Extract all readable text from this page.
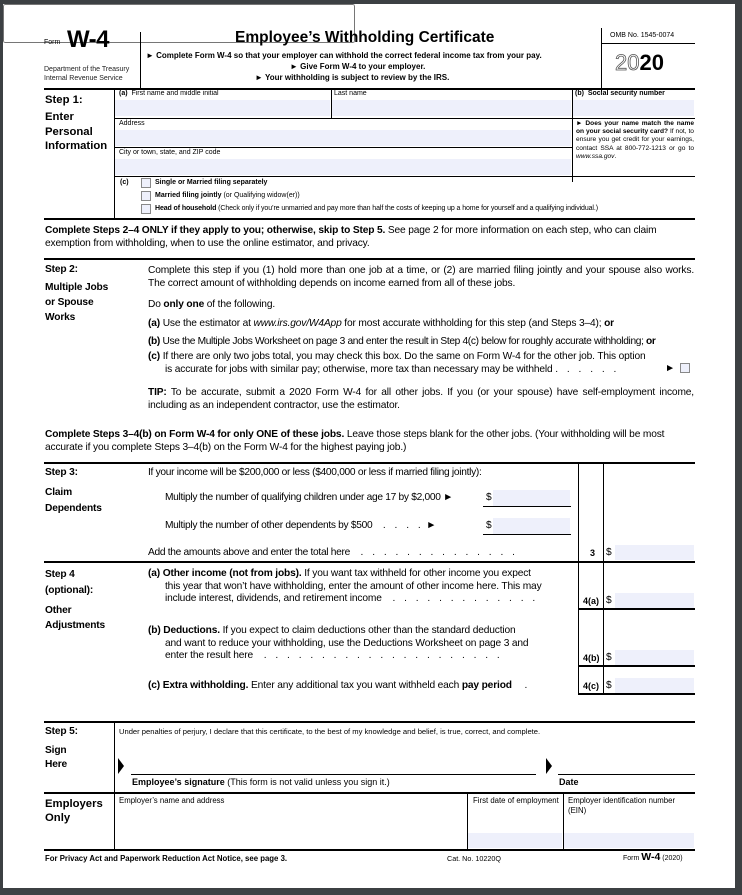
Form W-4
Department of the Treasury
Internal Revenue Service
Employee’s Withholding Certificate
► Complete Form W-4 so that your employer can withhold the correct federal income tax from your pay.
► Give Form W-4 to your employer.
► Your withholding is subject to review by the IRS.
OMB No. 1545-0074
2020
Step 1:
Enter
Personal
Information
(a) First name and middle initial	Last name	(b) Social security number
Address
City or town, state, and ZIP code
► Does your name match the name on your social security card? If not, to ensure you get credit for your earnings, contact SSA at 800-772-1213 or go to www.ssa.gov.
(c)	Single or Married filing separately
Married filing jointly (or Qualifying widow(er))
Head of household (Check only if you’re unmarried and pay more than half the costs of keeping up a home for yourself and a qualifying individual.)
Complete Steps 2–4 ONLY if they apply to you; otherwise, skip to Step 5. See page 2 for more information on each step, who can claim exemption from withholding, when to use the online estimator, and privacy.
Step 2:
Multiple Jobs
or Spouse
Works
Complete this step if you (1) hold more than one job at a time, or (2) are married filing jointly and your spouse also works. The correct amount of withholding depends on income earned from all of these jobs.
Do only one of the following.
(a) Use the estimator at www.irs.gov/W4App for most accurate withholding for this step (and Steps 3–4); or
(b) Use the Multiple Jobs Worksheet on page 3 and enter the result in Step 4(c) below for roughly accurate withholding; or
(c) If there are only two jobs total, you may check this box. Do the same on Form W-4 for the other job. This option
is accurate for jobs with similar pay; otherwise, more tax than necessary may be withheld . . . . . .	►
TIP: To be accurate, submit a 2020 Form W-4 for all other jobs. If you (or your spouse) have self-employment income, including as an independent contractor, use the estimator.
Complete Steps 3–4(b) on Form W-4 for only ONE of these jobs. Leave those steps blank for the other jobs. (Your withholding will be most accurate if you complete Steps 3–4(b) on the Form W-4 for the highest paying job.)
Step 3:
Claim
Dependents
If your income will be $200,000 or less ($400,000 or less if married filing jointly):
Multiply the number of qualifying children under age 17 by $2,000 ►	$
Multiply the number of other dependents by $500 . . . . ►	$
Add the amounts above and enter the total here . . . . . . . . . . . . . .	3 $
Step 4
(optional):
Other
Adjustments
(a) Other income (not from jobs). If you want tax withheld for other income you expect
this year that won’t have withholding, enter the amount of other income here. This may
include interest, dividends, and retirement income . . . . . . . . . . . . .	4(a) $
(b) Deductions. If you expect to claim deductions other than the standard deduction
and want to reduce your withholding, use the Deductions Worksheet on page 3 and
enter the result here . . . . . . . . . . . . . . . . . . . . .	4(b) $
(c) Extra withholding. Enter any additional tax you want withheld each pay period .	4(c) $
Step 5:
Sign
Here
Under penalties of perjury, I declare that this certificate, to the best of my knowledge and belief, is true, correct, and complete.
Employee’s signature (This form is not valid unless you sign it.)	Date
Employers
Only
Employer’s name and address	First date of employment	Employer identification number (EIN)
For Privacy Act and Paperwork Reduction Act Notice, see page 3.	Cat. No. 10220Q	Form W-4 (2020)
